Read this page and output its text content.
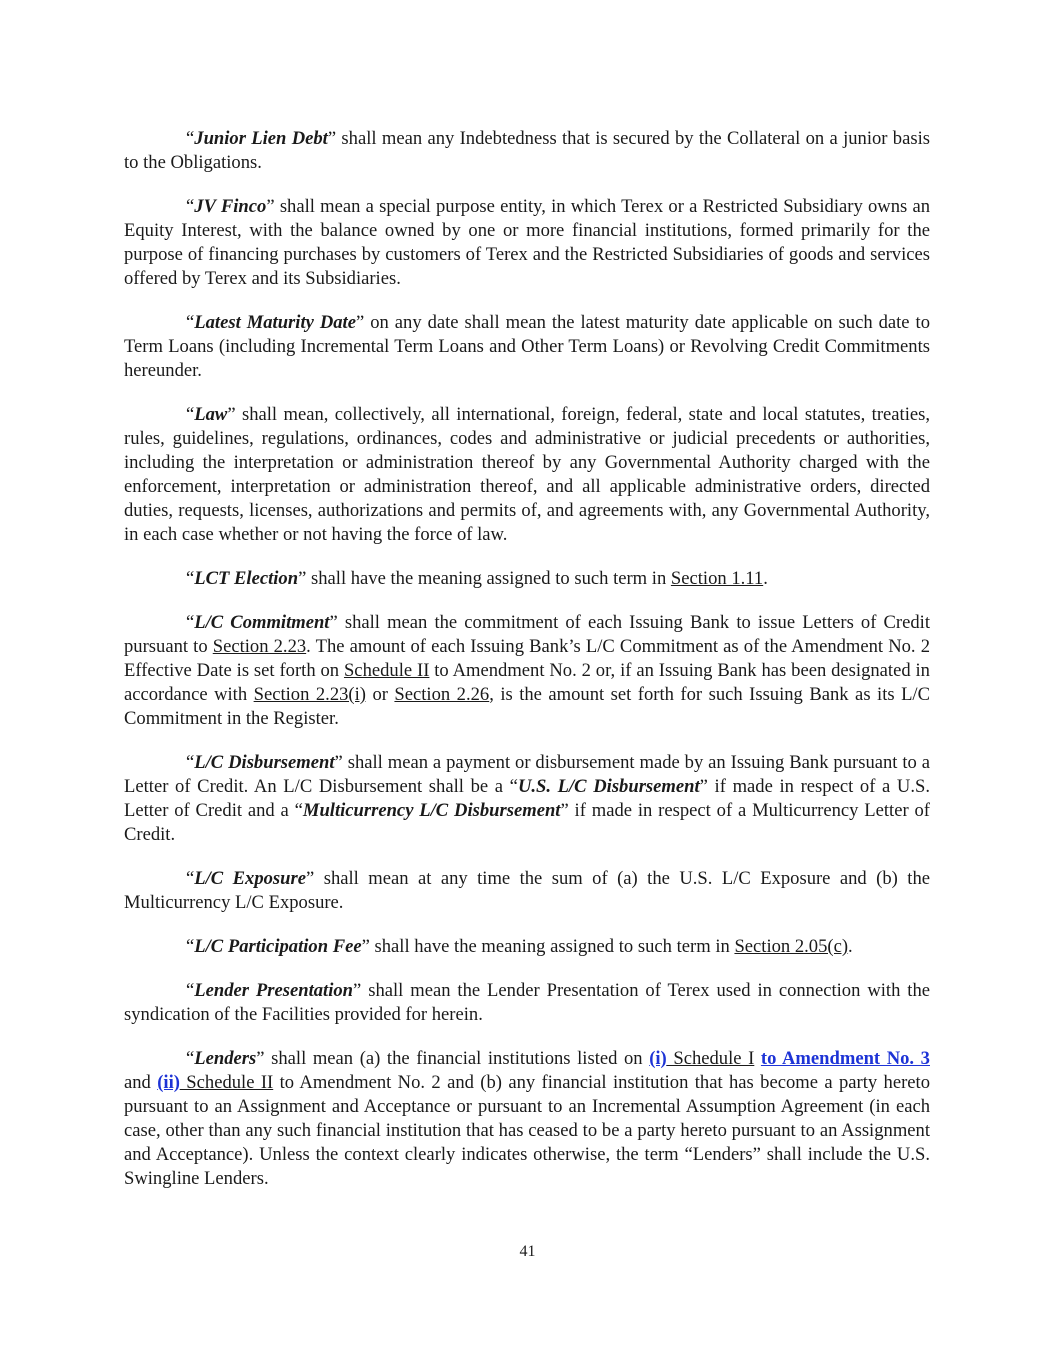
“Junior Lien Debt” shall mean any Indebtedness that is secured by the Collateral on a junior basis to the Obligations.

“JV Finco” shall mean a special purpose entity, in which Terex or a Restricted Subsidiary owns an Equity Interest, with the balance owned by one or more financial institutions, formed primarily for the purpose of financing purchases by customers of Terex and the Restricted Subsidiaries of goods and services offered by Terex and its Subsidiaries.

“Latest Maturity Date” on any date shall mean the latest maturity date applicable on such date to Term Loans (including Incremental Term Loans and Other Term Loans) or Revolving Credit Commitments hereunder.

“Law” shall mean, collectively, all international, foreign, federal, state and local statutes, treaties, rules, guidelines, regulations, ordinances, codes and administrative or judicial precedents or authorities, including the interpretation or administration thereof by any Governmental Authority charged with the enforcement, interpretation or administration thereof, and all applicable administrative orders, directed duties, requests, licenses, authorizations and permits of, and agreements with, any Governmental Authority, in each case whether or not having the force of law.

“LCT Election” shall have the meaning assigned to such term in Section 1.11.

“L/C Commitment” shall mean the commitment of each Issuing Bank to issue Letters of Credit pursuant to Section 2.23. The amount of each Issuing Bank’s L/C Commitment as of the Amendment No. 2 Effective Date is set forth on Schedule II to Amendment No. 2 or, if an Issuing Bank has been designated in accordance with Section 2.23(i) or Section 2.26, is the amount set forth for such Issuing Bank as its L/C Commitment in the Register.

“L/C Disbursement” shall mean a payment or disbursement made by an Issuing Bank pursuant to a Letter of Credit. An L/C Disbursement shall be a “U.S. L/C Disbursement” if made in respect of a U.S. Letter of Credit and a “Multicurrency L/C Disbursement” if made in respect of a Multicurrency Letter of Credit.

“L/C Exposure” shall mean at any time the sum of (a) the U.S. L/C Exposure and (b) the Multicurrency L/C Exposure.

“L/C Participation Fee” shall have the meaning assigned to such term in Section 2.05(c).

“Lender Presentation” shall mean the Lender Presentation of Terex used in connection with the syndication of the Facilities provided for herein.

“Lenders” shall mean (a) the financial institutions listed on (i) Schedule I to Amendment No. 3 and (ii) Schedule II to Amendment No. 2 and (b) any financial institution that has become a party hereto pursuant to an Assignment and Acceptance or pursuant to an Incremental Assumption Agreement (in each case, other than any such financial institution that has ceased to be a party hereto pursuant to an Assignment and Acceptance). Unless the context clearly indicates otherwise, the term “Lenders” shall include the U.S. Swingline Lenders.

41
